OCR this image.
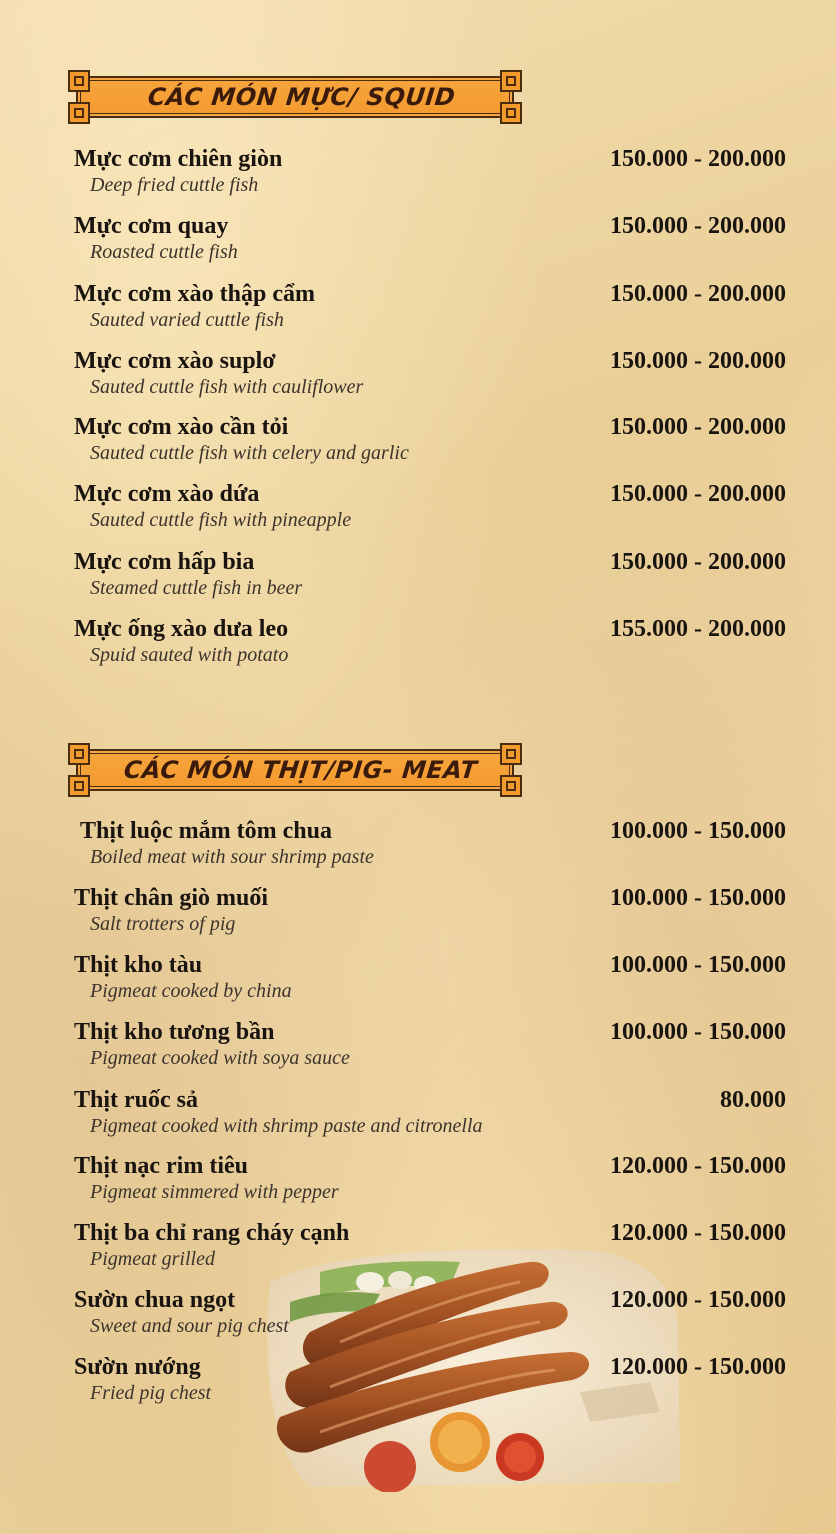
CÁC MÓN MỰC/ SQUID
Mực cơm chiên giòn	150.000 - 200.000
Deep fried cuttle fish
Mực cơm quay	150.000 - 200.000
Roasted cuttle fish
Mực cơm xào thập cẩm	150.000 - 200.000
Sauted varied cuttle fish
Mực cơm xào suplơ	150.000 - 200.000
Sauted cuttle fish with cauliflower
Mực cơm xào cần tỏi	150.000 - 200.000
Sauted cuttle fish with celery and garlic
Mực cơm xào dứa	150.000 - 200.000
Sauted cuttle fish with pineapple
Mực cơm hấp bia	150.000 - 200.000
Steamed cuttle fish in beer
Mực ống xào dưa leo	155.000 - 200.000
Spuid sauted with potato
CÁC MÓN THỊT/PIG- MEAT
Thịt luộc mắm tôm chua	100.000 - 150.000
Boiled meat with sour shrimp paste
Thịt chân giò muối	100.000 - 150.000
Salt trotters of pig
Thịt kho tàu	100.000 - 150.000
Pigmeat cooked by china
Thịt kho tương bần	100.000 - 150.000
Pigmeat cooked with soya sauce
Thịt ruốc sả	80.000
Pigmeat cooked with shrimp paste and citronella
Thịt nạc rim tiêu	120.000 - 150.000
Pigmeat simmered with pepper
Thịt ba chỉ rang cháy cạnh	120.000 - 150.000
Pigmeat grilled
Sườn chua ngọt	120.000 - 150.000
Sweet and sour pig chest
Sườn nướng	120.000 - 150.000
Fried pig chest
